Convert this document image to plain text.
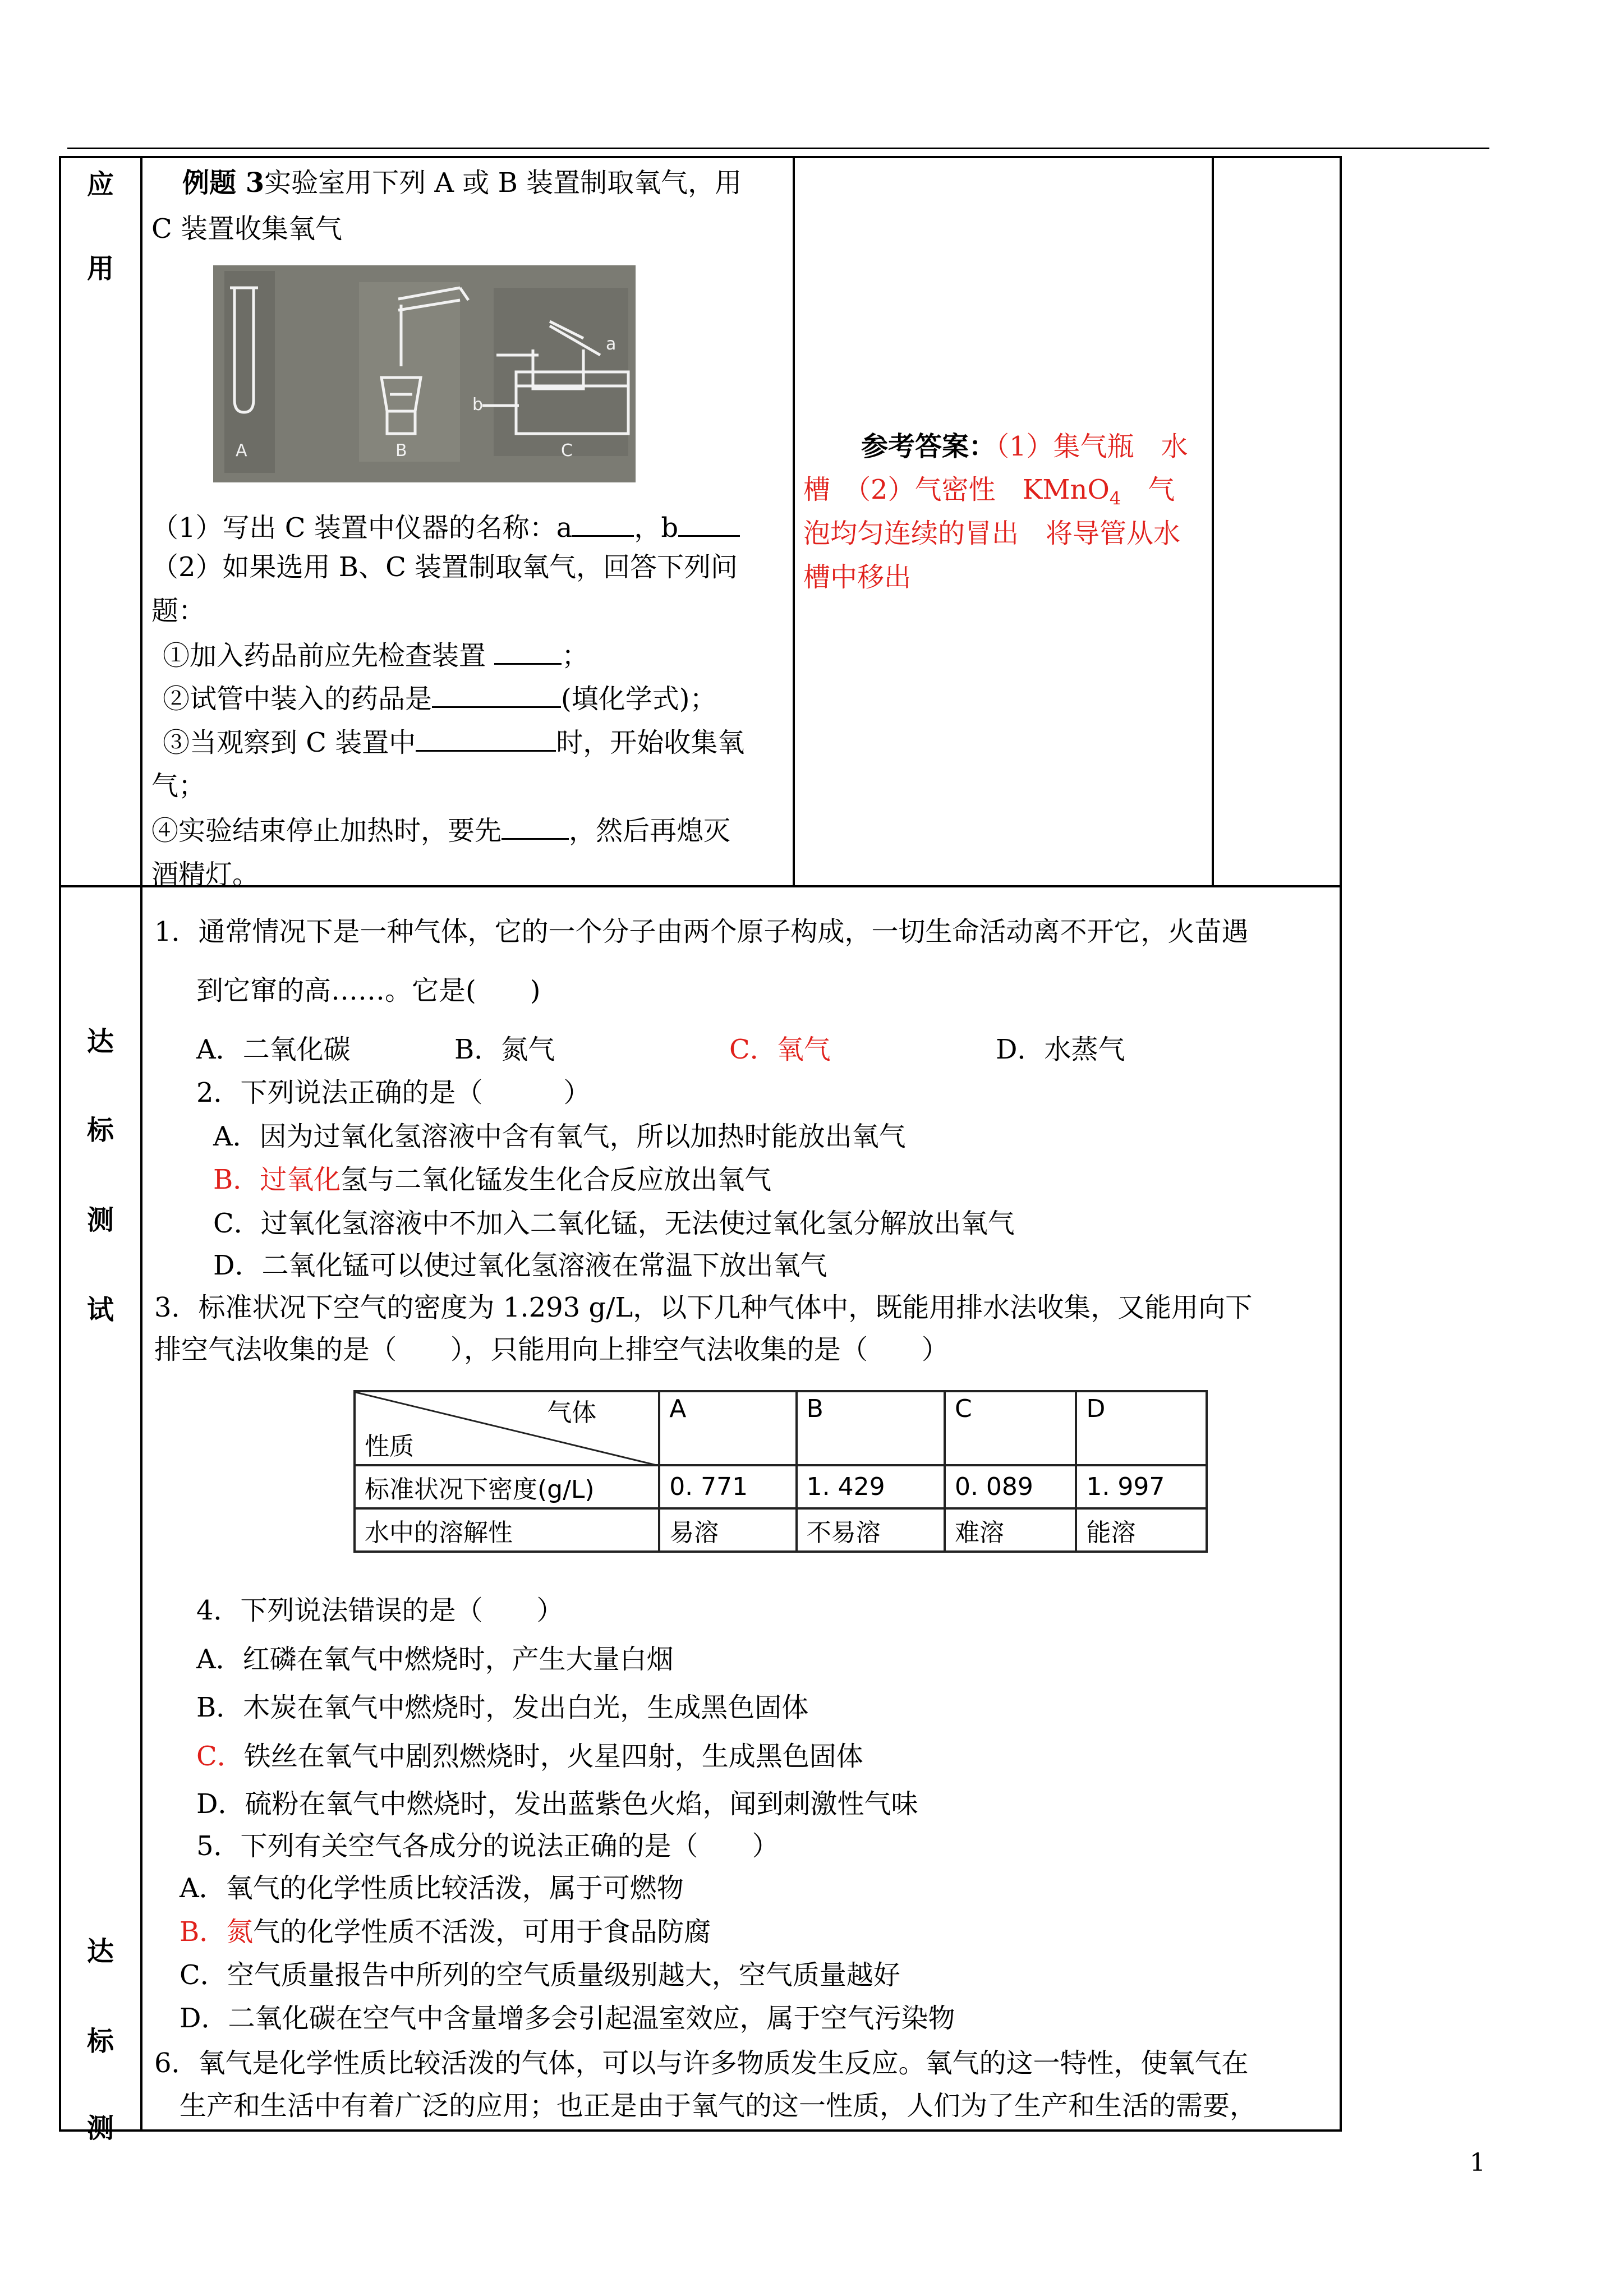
应
用
达
标
测
试
达
标
测
例题 3实验室用下列 A 或 B 装置制取氧气，用
C 装置收集氧气
A	B	C
b
a
（1）写出 C 装置中仪器的名称：a ，b
（2）如果选用 B、C 装置制取氧气，回答下列问
题：
①加入药品前应先检查装置	；
②试管中装入的药品是	(填化学式)；
③当观察到 C 装置中	时，开始收集氧
气；
④实验结束停止加热时，要先	，然后再熄灭
酒精灯。
参考答案：（1）集气瓶　水
槽　（2）气密性　KMnO$_4$　气
泡均匀连续的冒出　将导管从水
槽中移出
1．通常情况下是一种气体，它的一个分子由两个原子构成，一切生命活动离不开它，火苗遇
到它窜的高……。它是(　　)
A．二氧化碳	B．氮气	C．氧气	D．水蒸气
2．下列说法正确的是（　　　）
A．因为过氧化氢溶液中含有氧气，所以加热时能放出氧气
B．过氧化氢与二氧化锰发生化合反应放出氧气
C．过氧化氢溶液中不加入二氧化锰，无法使过氧化氢分解放出氧气
D．二氧化锰可以使过氧化氢溶液在常温下放出氧气
3．标准状况下空气的密度为 1.293 g/L，以下几种气体中，既能用排水法收集，又能用向下
排空气法收集的是（　　），只能用向上排空气法收集的是（　　）
气体
性质	A	B	C	D
标准状况下密度(g/L)	0. 771	1. 429	0. 089	1. 997
水中的溶解性	易溶	不易溶	难溶	能溶
4．下列说法错误的是（　　）
A．红磷在氧气中燃烧时，产生大量白烟
B．木炭在氧气中燃烧时，发出白光，生成黑色固体
C．铁丝在氧气中剧烈燃烧时，火星四射，生成黑色固体
D．硫粉在氧气中燃烧时，发出蓝紫色火焰，闻到刺激性气味
5．下列有关空气各成分的说法正确的是（　　）
A．氧气的化学性质比较活泼，属于可燃物
B．氮气的化学性质不活泼，可用于食品防腐
C．空气质量报告中所列的空气质量级别越大，空气质量越好
D．二氧化碳在空气中含量增多会引起温室效应，属于空气污染物
6．氧气是化学性质比较活泼的气体，可以与许多物质发生反应。氧气的这一特性，使氧气在
生产和生活中有着广泛的应用；也正是由于氧气的这一性质，人们为了生产和生活的需要，
1
